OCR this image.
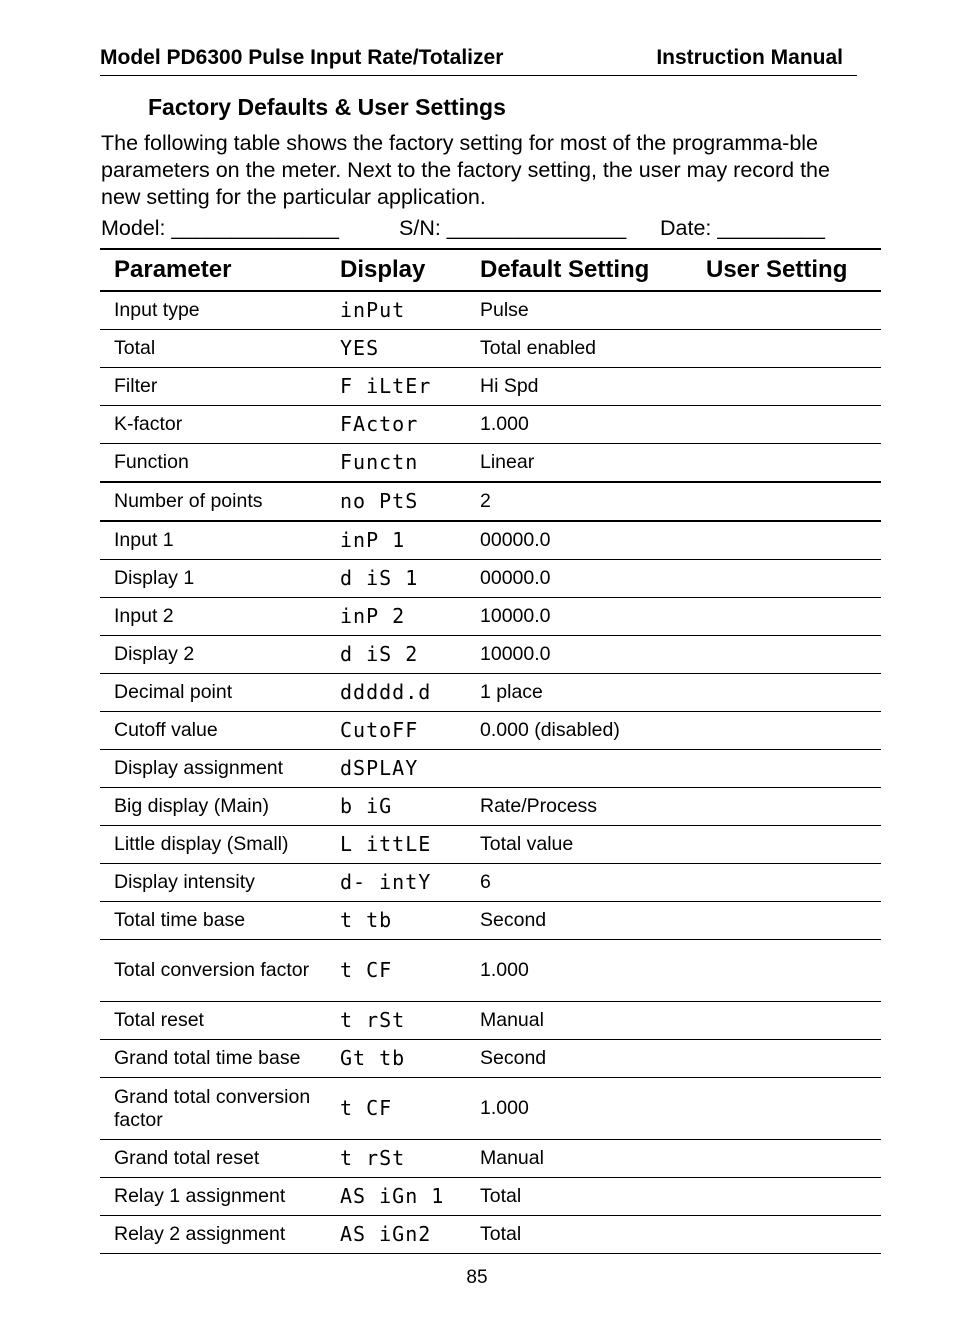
Model PD6300 Pulse Input Rate/Totalizer	Instruction Manual
Factory Defaults & User Settings
The following table shows the factory setting for most of the programma-ble parameters on the meter. Next to the factory setting, the user may record the new setting for the particular application.
Model: ______________	S/N: _______________ Date: _________
Parameter	Display	Default Setting	User Setting
Input type	inPut	Pulse	
Total	YES	Total enabled	
Filter	F iLtEr	Hi Spd	
K-factor	FActor	1.000	
Function	Functn	Linear	
Number of points	no PtS	2	
Input 1	inP 1	00000.0	
Display 1	d iS 1	00000.0	
Input 2	inP 2	10000.0	
Display 2	d iS 2	10000.0	
Decimal point	ddddd.d	1 place	
Cutoff value	CutoFF	0.000 (disabled)	
Display assignment	dSPLAY		
Big display (Main)	b iG	Rate/Process	
Little display (Small)	L ittLE	Total value	
Display intensity	d- intY	6	
Total time base	t tb	Second	
Total conversion factor	t CF	1.000	
Total reset	t rSt	Manual	
Grand total time base	Gt tb	Second	
Grand total conversion factor	t CF	1.000	
Grand total reset	t rSt	Manual	
Relay 1 assignment	AS iGn 1	Total	
Relay 2 assignment	AS iGn2	Total	
85
